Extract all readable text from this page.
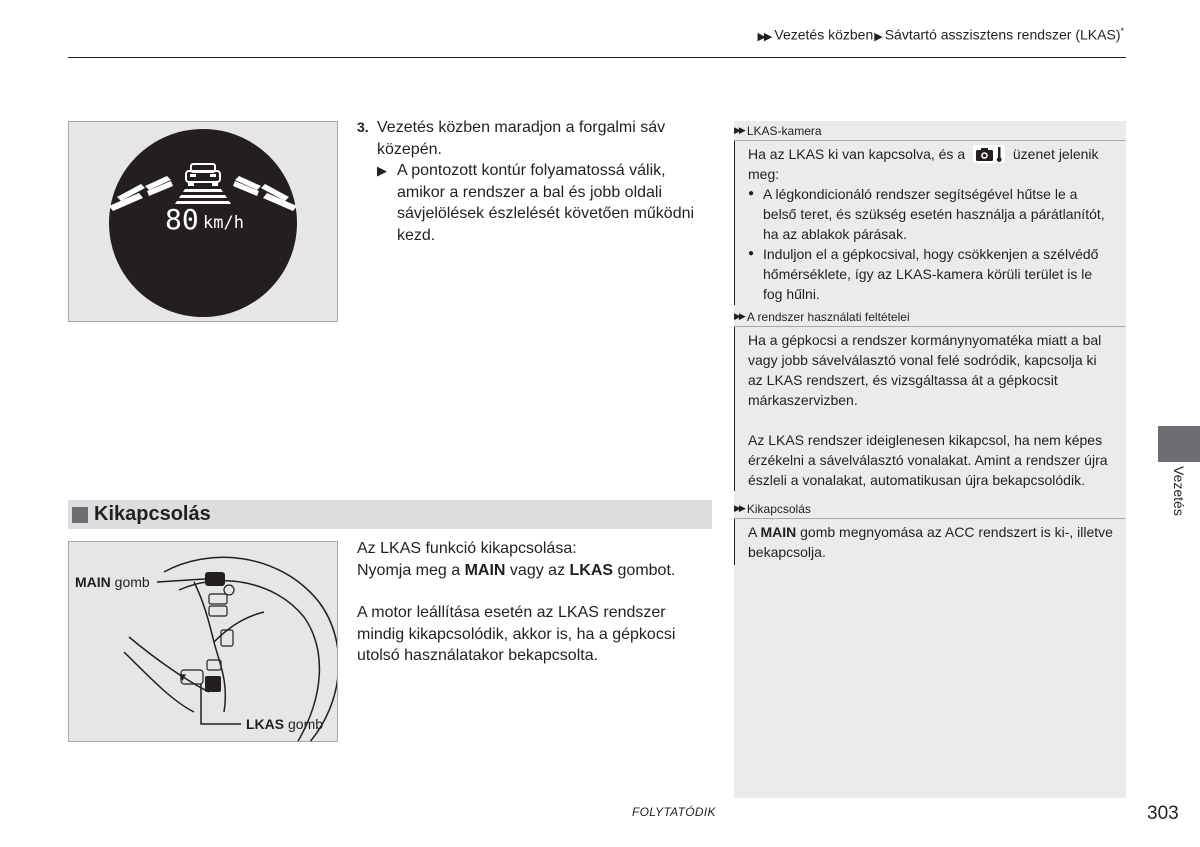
▶▶ Vezetés közben▶ Sávtartó asszisztens rendszer (LKAS)*
80 km/h
3. Vezetés közben maradjon a forgalmi sáv közepén.
▶ A pontozott kontúr folyamatossá válik, amikor a rendszer a bal és jobb oldali sávjelölések észlelését követően működni kezd.
Kikapcsolás
▼
MAIN gomb
LKAS gomb
Az LKAS funkció kikapcsolása:
Nyomja meg a MAIN vagy az LKAS gombot.
A motor leállítása esetén az LKAS rendszer mindig kikapcsolódik, akkor is, ha a gépkocsi utolsó használatakor bekapcsolta.
▶▶ LKAS-kamera
Ha az LKAS ki van kapcsolva, és a	üzenet jelenik meg:
● A légkondicionáló rendszer segítségével hűtse le a belső teret, és szükség esetén használja a párátlanítót, ha az ablakok párásak.
● Induljon el a gépkocsival, hogy csökkenjen a szélvédő hőmérséklete, így az LKAS-kamera körüli terület is le fog hűlni.
▶▶ A rendszer használati feltételei
Ha a gépkocsi a rendszer kormánynyomatéka miatt a bal vagy jobb sávelválasztó vonal felé sodródik, kapcsolja ki az LKAS rendszert, és vizsgáltassa át a gépkocsit márkaszervizben.
Az LKAS rendszer ideiglenesen kikapcsol, ha nem képes érzékelni a sávelválasztó vonalakat. Amint a rendszer újra észleli a vonalakat, automatikusan újra bekapcsolódik.
▶▶ Kikapcsolás
A MAIN gomb megnyomása az ACC rendszert is ki-, illetve bekapcsolja.
Vezetés
FOLYTATÓDIK	303
